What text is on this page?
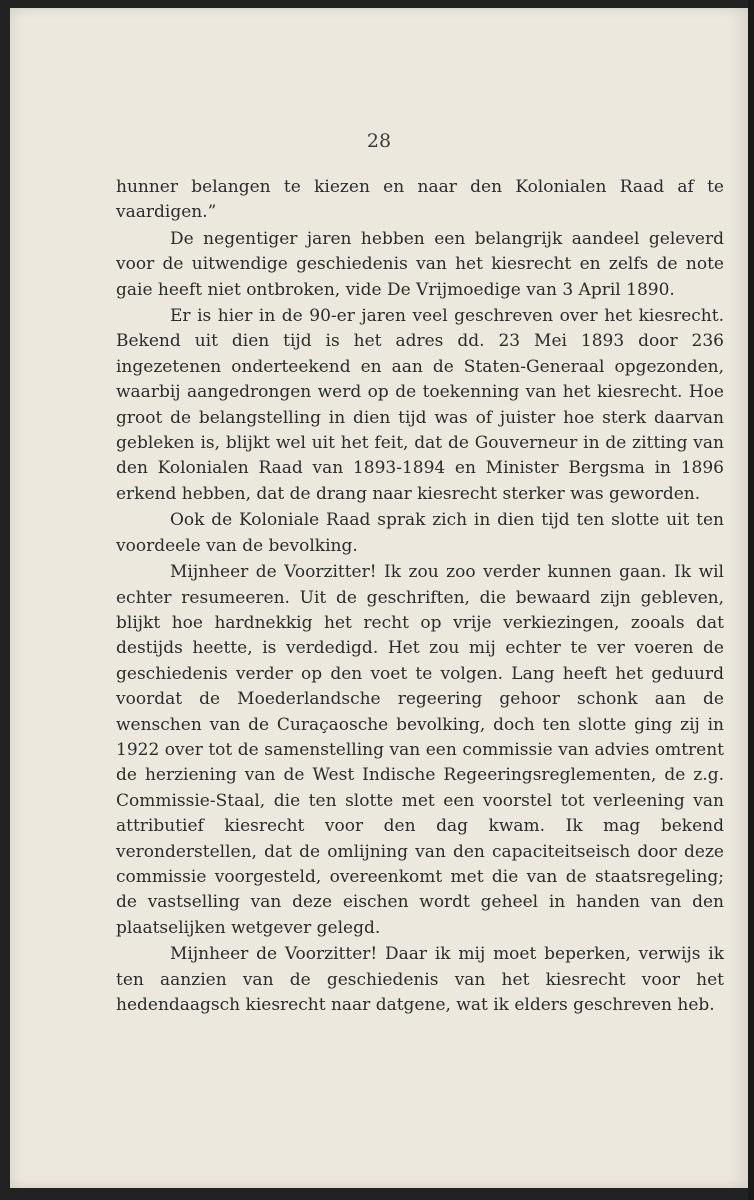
28

hunner belangen te kiezen en naar den Kolonialen Raad af te vaardigen.”

De negentiger jaren hebben een belangrijk aandeel geleverd voor de uitwendige geschiedenis van het kiesrecht en zelfs de note gaie heeft niet ontbroken, vide De Vrijmoedige van 3 April 1890.

Er is hier in de 90-er jaren veel geschreven over het kiesrecht. Bekend uit dien tijd is het adres dd. 23 Mei 1893 door 236 ingezetenen onderteekend en aan de Staten-Generaal opgezonden, waarbij aangedrongen werd op de toekenning van het kiesrecht. Hoe groot de belangstelling in dien tijd was of juister hoe sterk daarvan gebleken is, blijkt wel uit het feit, dat de Gouverneur in de zitting van den Kolonialen Raad van 1893-1894 en Minister Bergsma in 1896 erkend hebben, dat de drang naar kiesrecht sterker was geworden.

Ook de Koloniale Raad sprak zich in dien tijd ten slotte uit ten voordeele van de bevolking.

Mijnheer de Voorzitter! Ik zou zoo verder kunnen gaan. Ik wil echter resumeeren. Uit de geschriften, die bewaard zijn gebleven, blijkt hoe hardnekkig het recht op vrije verkiezingen, zooals dat destijds heette, is verdedigd. Het zou mij echter te ver voeren de geschiedenis verder op den voet te volgen. Lang heeft het geduurd voordat de Moederlandsche regeering gehoor schonk aan de wenschen van de Curaçaosche bevolking, doch ten slotte ging zij in 1922 over tot de samenstelling van een commissie van advies omtrent de herziening van de West Indische Regeeringsreglementen, de z.g. Commissie-Staal, die ten slotte met een voorstel tot verleening van attributief kiesrecht voor den dag kwam. Ik mag bekend veronderstellen, dat de omlijning van den capaciteitseisch door deze commissie voorgesteld, overeenkomt met die van de staatsregeling; de vastselling van deze eischen wordt geheel in handen van den plaatselijken wetgever gelegd.

Mijnheer de Voorzitter! Daar ik mij moet beperken, verwijs ik ten aanzien van de geschiedenis van het kiesrecht voor het hedendaagsch kiesrecht naar datgene, wat ik elders geschreven heb.
